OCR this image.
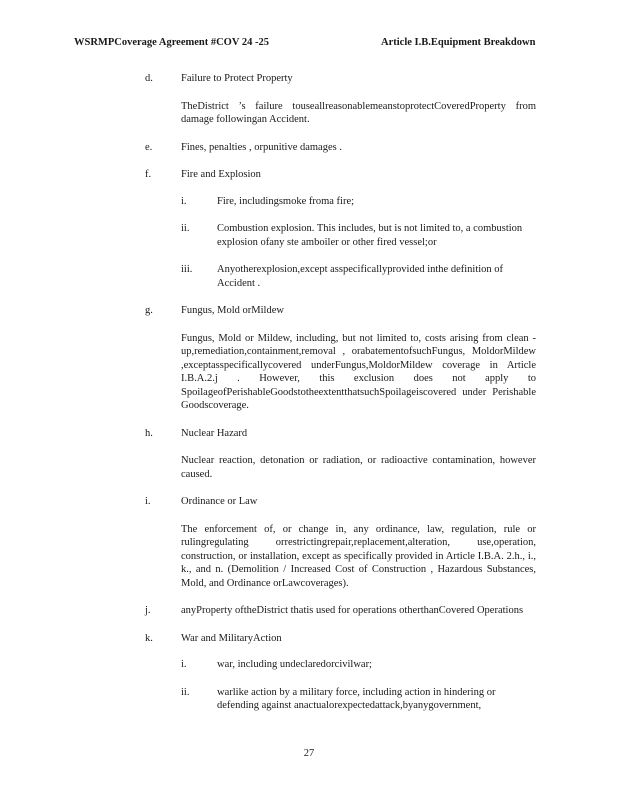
WSRMPCoverage Agreement #COV 24 -25	Article I.B.Equipment Breakdown
d.	Failure to Protect Property
TheDistrict ’s failure touseallreasonablemeanstoprotectCoveredProperty from damage followingan Accident.
e.	Fines, penalties , orpunitive damages .
f.	Fire and Explosion
i.	Fire, includingsmoke froma fire;
ii.	Combustion explosion. This includes, but is not limited to, a combustion explosion ofany ste amboiler or other fired vessel;or
iii.	Anyotherexplosion,except asspecificallyprovided inthe definition of Accident .
g.	Fungus, Mold orMildew
Fungus, Mold or Mildew, including, but not limited to, costs arising from clean -up,remediation,containment,removal , orabatementofsuchFungus, MoldorMildew ,exceptasspecificallycovered underFungus,MoldorMildew coverage in Article I.B.A.2.j . However, this exclusion does not apply to SpoilageofPerishableGoodstotheextentthatsuchSpoilageiscovered under Perishable Goodscoverage.
h.	Nuclear Hazard
Nuclear reaction, detonation or radiation, or radioactive contamination, however caused.
i.	Ordinance or Law
The enforcement of, or change in, any ordinance, law, regulation, rule or rulingregulating orrestrictingrepair,replacement,alteration, use,operation, construction, or installation, except as specifically provided in Article I.B.A. 2.h., i., k., and n. (Demolition / Increased Cost of Construction , Hazardous Substances, Mold, and Ordinance orLawcoverages).
j.	anyProperty oftheDistrict thatis used for operations otherthanCovered Operations
k.	War and MilitaryAction
i.	war, including undeclaredorcivilwar;
ii.	warlike action by a military force, including action in hindering or defending against anactualorexpectedattack,byanygovernment,
27
